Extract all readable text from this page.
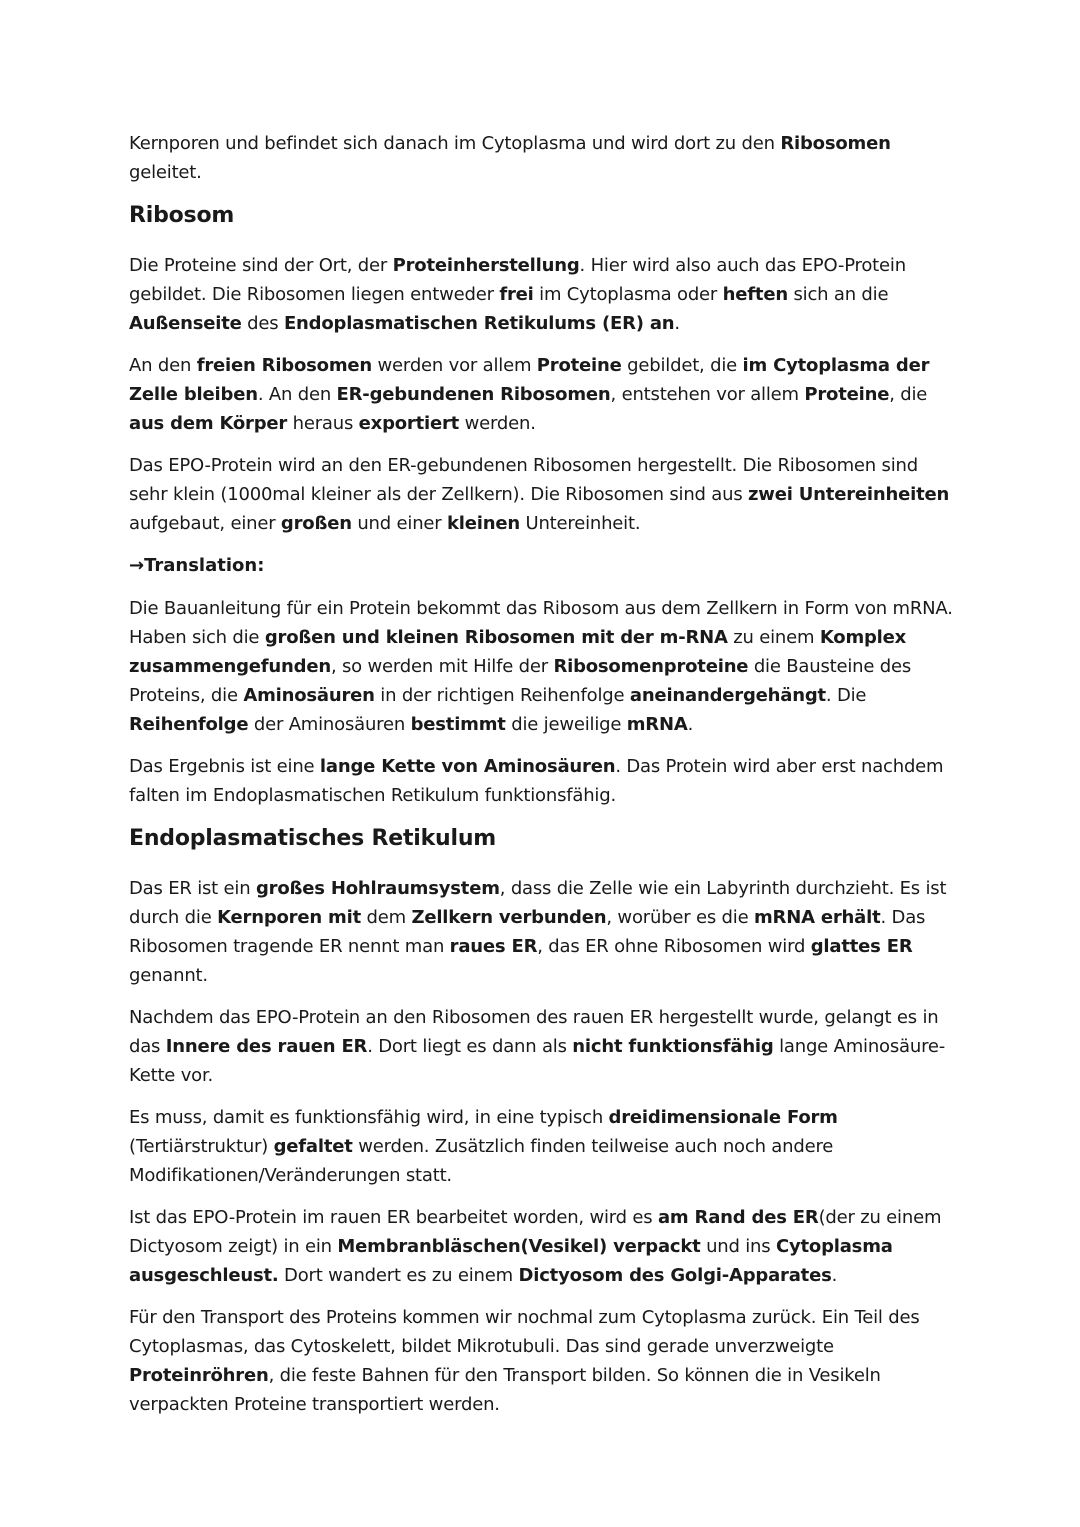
Kernporen und befindet sich danach im Cytoplasma und wird dort zu den Ribosomen geleitet.

Ribosom

Die Proteine sind der Ort, der Proteinherstellung. Hier wird also auch das EPO-Protein gebildet. Die Ribosomen liegen entweder frei im Cytoplasma oder heften sich an die Außenseite des Endoplasmatischen Retikulums (ER) an.

An den freien Ribosomen werden vor allem Proteine gebildet, die im Cytoplasma der Zelle bleiben. An den ER-gebundenen Ribosomen, entstehen vor allem Proteine, die aus dem Körper heraus exportiert werden.

Das EPO-Protein wird an den ER-gebundenen Ribosomen hergestellt. Die Ribosomen sind sehr klein (1000mal kleiner als der Zellkern). Die Ribosomen sind aus zwei Untereinheiten aufgebaut, einer großen und einer kleinen Untereinheit.

→Translation:

Die Bauanleitung für ein Protein bekommt das Ribosom aus dem Zellkern in Form von mRNA. Haben sich die großen und kleinen Ribosomen mit der m-RNA zu einem Komplex zusammengefunden, so werden mit Hilfe der Ribosomenproteine die Bausteine des Proteins, die Aminosäuren in der richtigen Reihenfolge aneinandergehängt. Die Reihenfolge der Aminosäuren bestimmt die jeweilige mRNA.

Das Ergebnis ist eine lange Kette von Aminosäuren. Das Protein wird aber erst nachdem falten im Endoplasmatischen Retikulum funktionsfähig.

Endoplasmatisches Retikulum

Das ER ist ein großes Hohlraumsystem, dass die Zelle wie ein Labyrinth durchzieht. Es ist durch die Kernporen mit dem Zellkern verbunden, worüber es die mRNA erhält. Das Ribosomen tragende ER nennt man raues ER, das ER ohne Ribosomen wird glattes ER genannt.

Nachdem das EPO-Protein an den Ribosomen des rauen ER hergestellt wurde, gelangt es in das Innere des rauen ER. Dort liegt es dann als nicht funktionsfähig lange Aminosäure-Kette vor.

Es muss, damit es funktionsfähig wird, in eine typisch dreidimensionale Form (Tertiärstruktur) gefaltet werden. Zusätzlich finden teilweise auch noch andere Modifikationen/Veränderungen statt.

Ist das EPO-Protein im rauen ER bearbeitet worden, wird es am Rand des ER(der zu einem Dictyosom zeigt) in ein Membranbläschen(Vesikel) verpackt und ins Cytoplasma ausgeschleust. Dort wandert es zu einem Dictyosom des Golgi-Apparates.

Für den Transport des Proteins kommen wir nochmal zum Cytoplasma zurück. Ein Teil des Cytoplasmas, das Cytoskelett, bildet Mikrotubuli. Das sind gerade unverzweigte Proteinröhren, die feste Bahnen für den Transport bilden. So können die in Vesikeln verpackten Proteine transportiert werden.
